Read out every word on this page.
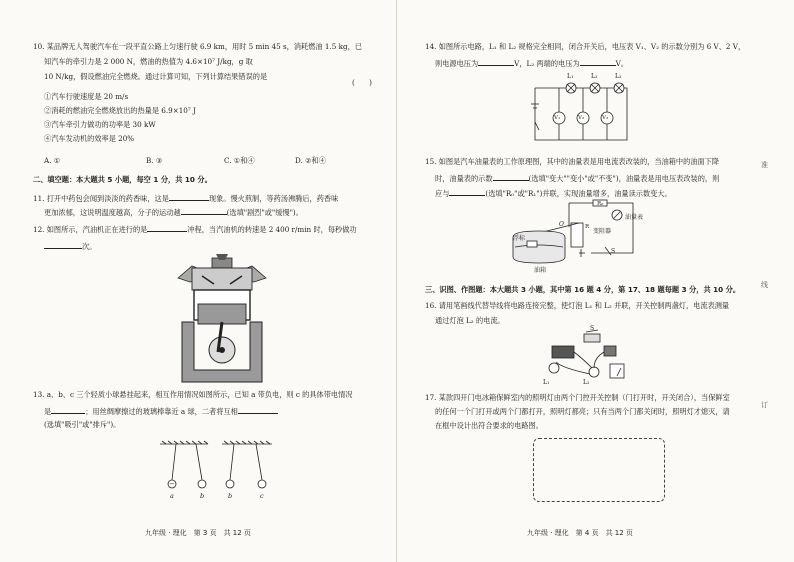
10. 某品牌无人驾驶汽车在一段平直公路上匀速行驶 6.9 km，用时 5 min 45 s，消耗燃油 1.5 kg，已
知汽车的牵引力是 2 000 N，燃油的热值为 4.6×10⁷ J/kg，g 取
10 N/kg，假设燃油完全燃烧。通过计算可知，下列计算结果错误的是
(　　)
①汽车行驶速度是 20 m/s
②消耗的燃油完全燃烧放出的热量是 6.9×10⁷ J
③汽车牵引力做功的功率是 30 kW
④汽车发动机的效率是 20%
A. ①	B. ③	C. ①和④	D. ②和④
二、填空题：本大题共 5 小题，每空 1 分，共 10 分。
11. 打开中药包会闻到淡淡的药香味，这是	现象。慢火煎制，等药汤沸腾后，药香味
更加浓郁，这说明温度越高，分子的运动越	(选填"剧烈"或"缓慢")。
12. 如图所示，汽油机正在进行的是	冲程，当汽油机的转速是 2 400 r/min 时，每秒做功
次。
13. a、b、c 三个轻质小球悬挂起来，相互作用情况如图所示，已知 a 带负电，则 c 的具体带电情况
是	；用丝绸摩擦过的玻璃棒靠近 a 球，二者将互相
(选填"吸引"或"排斥")。
−
a	b	b	c
九年级 · 理化　第 3 页　共 12 页
14. 如图所示电路，L₁ 和 L₂ 规格完全相同，闭合开关后，电压表 V₁、V₂ 的示数分别为 6 V、2 V，
则电源电压为	V，L₂ 两端的电压为	V。
L₁	L₂	L₃
V₁	V₂	V₃
15. 如图是汽车油量表的工作原理图，其中的油量表是用电流表改装的，当油箱中的油面下降
时，油量表的示数	(选填"变大""变小"或"不变")，油量表是用电压表改装的，则
应与	(选填"R₀"或"R₁")并联，实现油量增多，油量读示数变大。
R₀
油量表
R
变阻器
浮标
O
S
油箱
三、识图、作图题：本大题共 3 小题，其中第 16 题 4 分，第 17、18 题每题 3 分，共 10 分。
16. 请用笔画线代替导线将电路连接完整，使灯泡 L₁ 和 L₂ 并联，开关控制两盏灯，电流表测量
通过灯泡 L₂ 的电流。
S
L₁	L₂
17. 某款四开门电冰箱保鲜室内的照明灯由两个门控开关控制（门打开时，开关闭合），当保鲜室
的任何一个门打开或两个门都打开，照明灯都亮；只有当两个门都关闭时，照明灯才熄灭，请
在框中设计出符合要求的电路图。
准
线
订
九年级 · 理化　第 4 页　共 12 页
